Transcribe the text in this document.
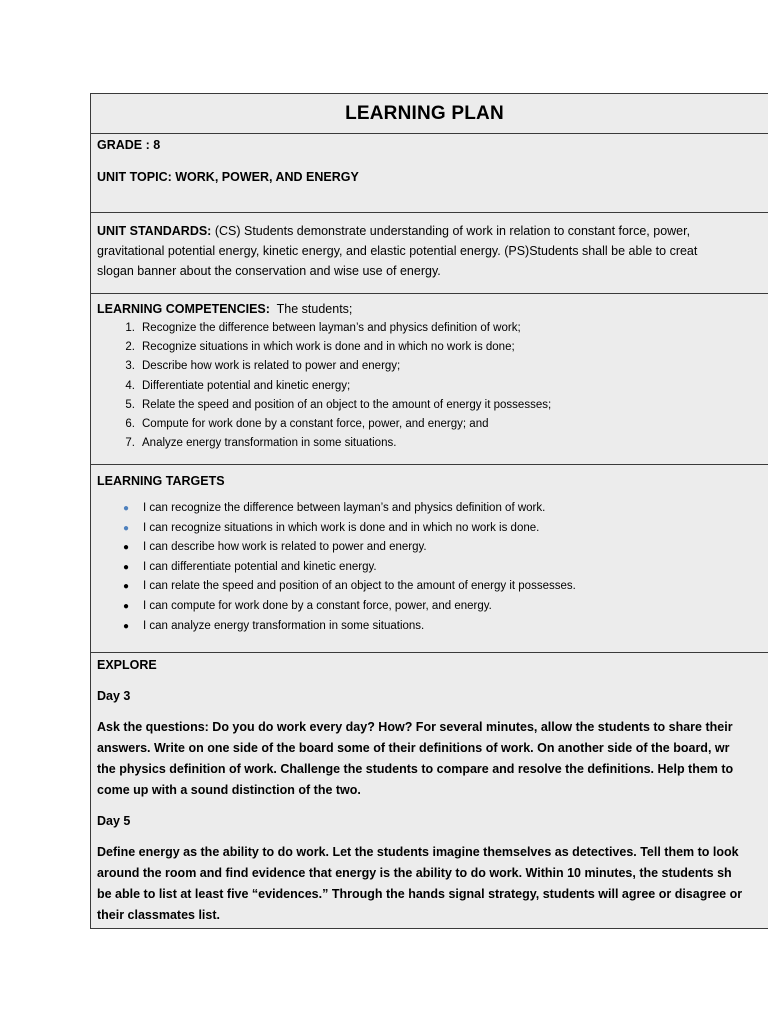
LEARNING PLAN
GRADE : 8
UNIT TOPIC: WORK, POWER, AND ENERGY
UNIT STANDARDS: (CS) Students demonstrate understanding of work in relation to constant force, power,
gravitational potential energy, kinetic energy, and elastic potential energy. (PS)Students shall be able to creat
slogan banner about the conservation and wise use of energy.
LEARNING COMPETENCIES:  The students;
1. Recognize the difference between layman’s and physics definition of work;
2. Recognize situations in which work is done and in which no work is done;
3. Describe how work is related to power and energy;
4. Differentiate potential and kinetic energy;
5. Relate the speed and position of an object to the amount of energy it possesses;
6. Compute for work done by a constant force, power, and energy; and
7. Analyze energy transformation in some situations.
LEARNING TARGETS
●	I can recognize the difference between layman’s and physics definition of work.
●	I can recognize situations in which work is done and in which no work is done.
●	I can describe how work is related to power and energy.
●	I can differentiate potential and kinetic energy.
●	I can relate the speed and position of an object to the amount of energy it possesses.
●	I can compute for work done by a constant force, power, and energy.
●	I can analyze energy transformation in some situations.
EXPLORE
Day 3
Ask the questions: Do you do work every day? How? For several minutes, allow the students to share their
answers. Write on one side of the board some of their definitions of work. On another side of the board, wr
the physics definition of work. Challenge the students to compare and resolve the definitions. Help them to
come up with a sound distinction of the two.
Day 5
Define energy as the ability to do work. Let the students imagine themselves as detectives. Tell them to look
around the room and find evidence that energy is the ability to do work. Within 10 minutes, the students sh
be able to list at least five “evidences.” Through the hands signal strategy, students will agree or disagree or
their classmates list.
